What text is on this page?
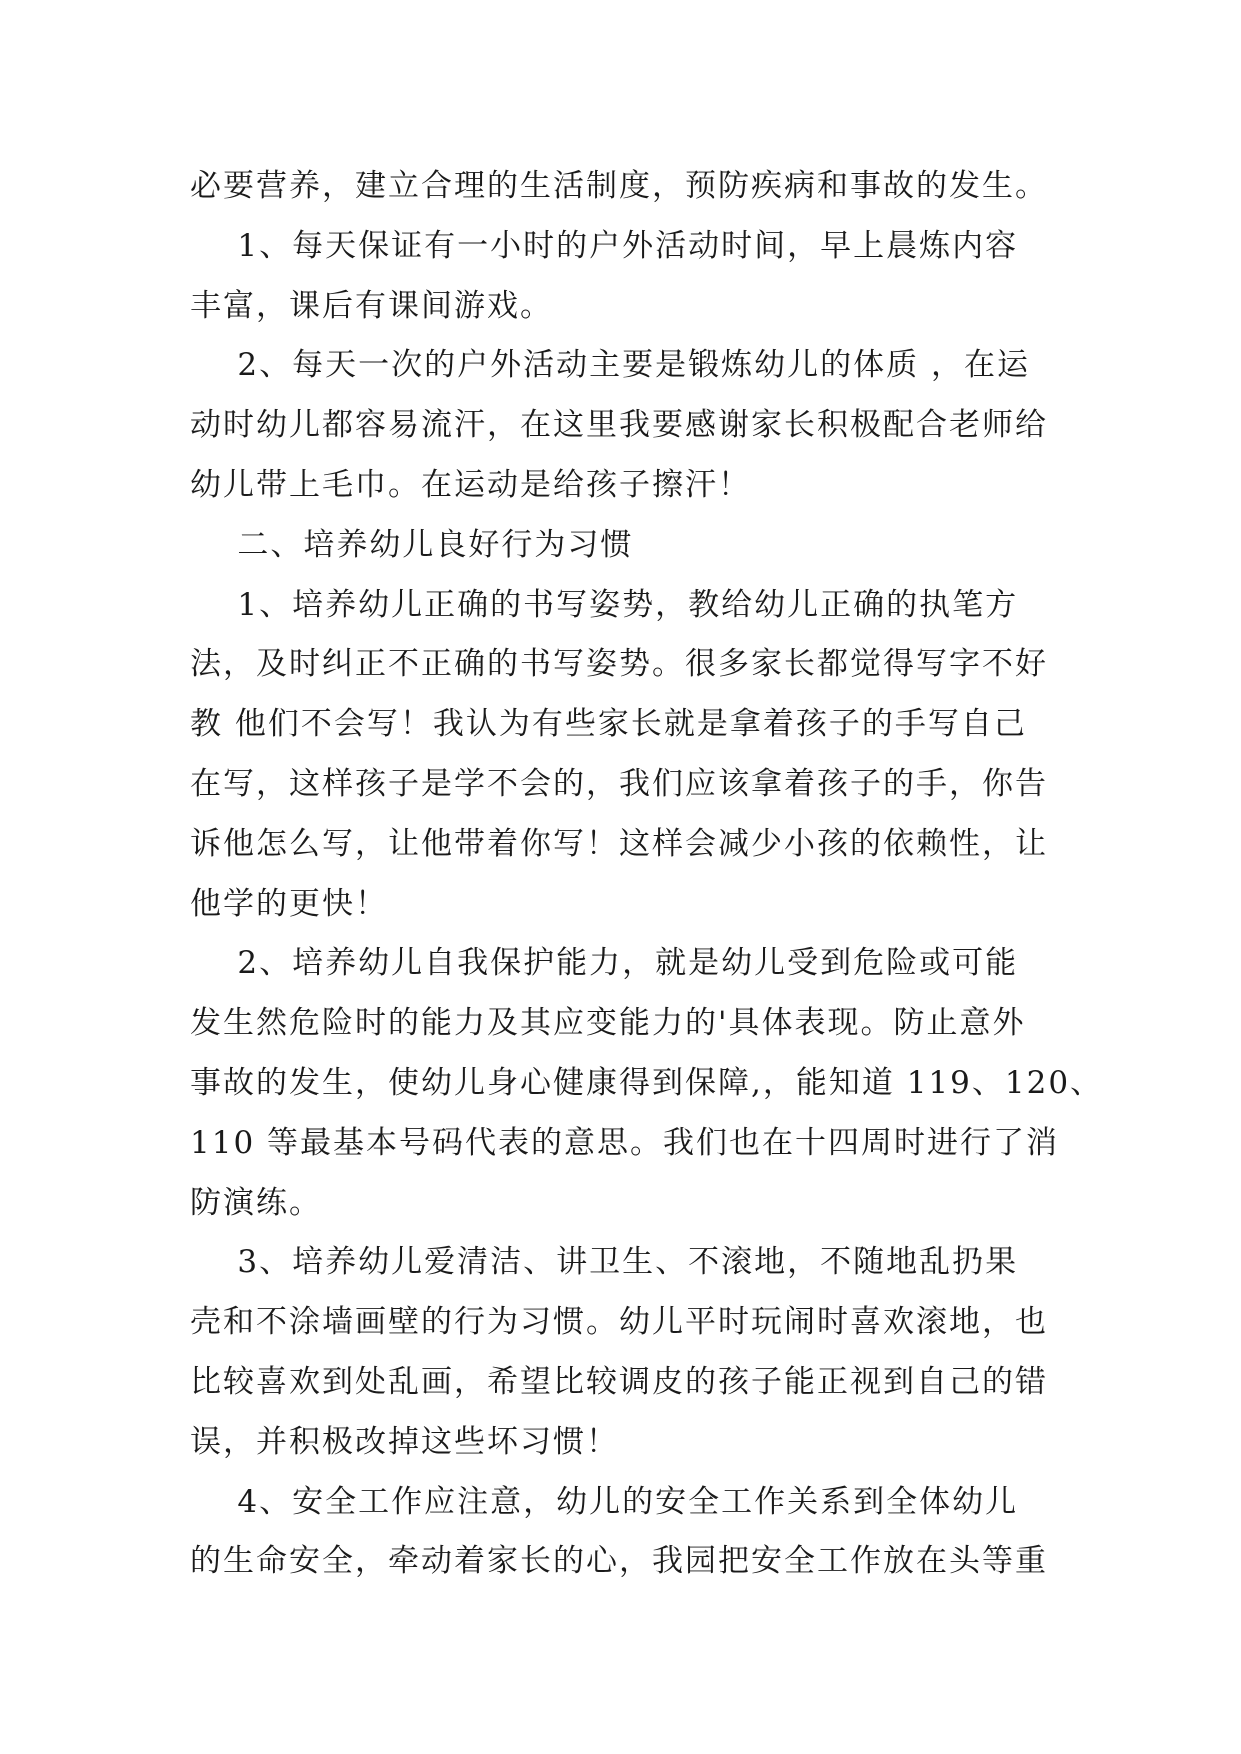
必要营养，建立合理的生活制度，预防疾病和事故的发生。
1、每天保证有一小时的户外活动时间，早上晨炼内容
丰富，课后有课间游戏。
2、每天一次的户外活动主要是锻炼幼儿的体质 ，在运
动时幼儿都容易流汗，在这里我要感谢家长积极配合老师给
幼儿带上毛巾。在运动是给孩子擦汗！
二、培养幼儿良好行为习惯
1、培养幼儿正确的书写姿势，教给幼儿正确的执笔方
法，及时纠正不正确的书写姿势。很多家长都觉得写字不好
教 他们不会写！我认为有些家长就是拿着孩子的手写自己
在写，这样孩子是学不会的，我们应该拿着孩子的手，你告
诉他怎么写，让他带着你写！这样会减少小孩的依赖性，让
他学的更快！
2、培养幼儿自我保护能力，就是幼儿受到危险或可能
发生然危险时的能力及其应变能力的'具体表现。防止意外
事故的发生，使幼儿身心健康得到保障,，能知道 119、120、
110 等最基本号码代表的意思。我们也在十四周时进行了消
防演练。
3、培养幼儿爱清洁、讲卫生、不滚地，不随地乱扔果
壳和不涂墙画壁的行为习惯。幼儿平时玩闹时喜欢滚地，也
比较喜欢到处乱画，希望比较调皮的孩子能正视到自己的错
误，并积极改掉这些坏习惯！
4、安全工作应注意，幼儿的安全工作关系到全体幼儿
的生命安全，牵动着家长的心，我园把安全工作放在头等重
